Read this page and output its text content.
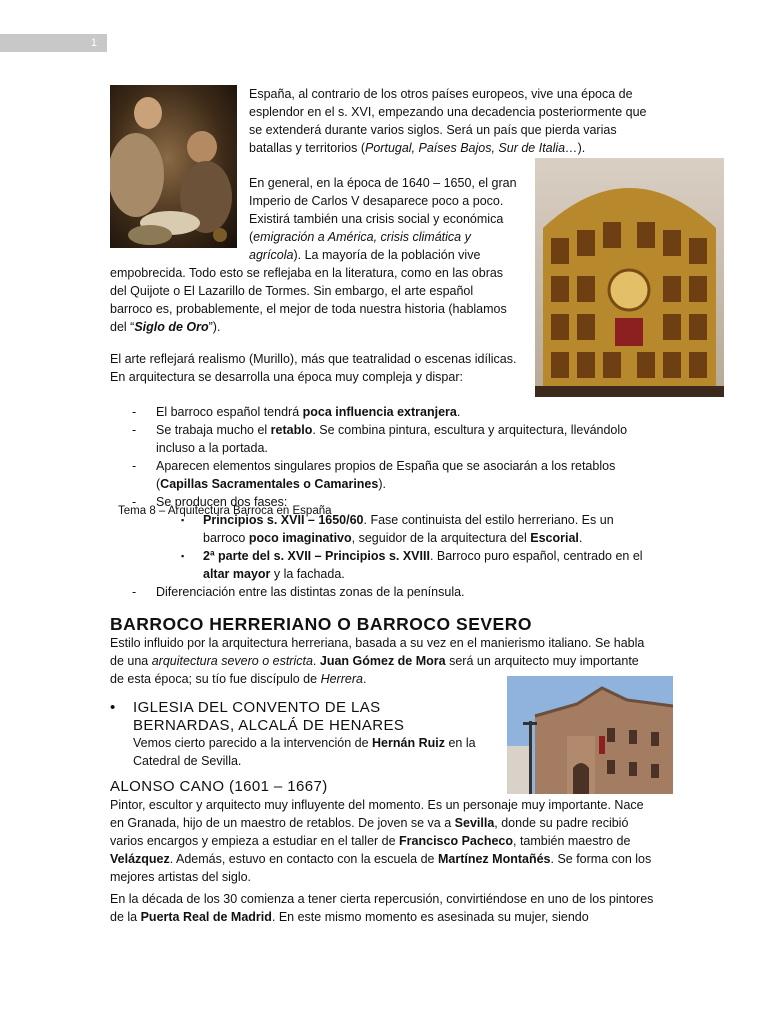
1

España, al contrario de los otros países europeos, vive una época de esplendor en el s. XVI, empezando una decadencia posteriormente que se extenderá durante varios siglos. Será un país que pierda varias batallas y territorios (Portugal, Países Bajos, Sur de Italia…).

En general, en la época de 1640 – 1650, el gran Imperio de Carlos V desaparece poco a poco. Existirá también una crisis social y económica (emigración a América, crisis climática y agrícola). La mayoría de la población vive empobrecida. Todo esto se reflejaba en la literatura, como en las obras del Quijote o El Lazarillo de Tormes. Sin embargo, el arte español barroco es, probablemente, el mejor de toda nuestra historia (hablamos del “Siglo de Oro”).

El arte reflejará realismo (Murillo), más que teatralidad o escenas idílicas. En arquitectura se desarrolla una época muy compleja y dispar:

- El barroco español tendrá poca influencia extranjera.
- Se trabaja mucho el retablo. Se combina pintura, escultura y arquitectura, llevándolo incluso a la portada.
- Aparecen elementos singulares propios de España que se asociarán a los retablos (Capillas Sacramentales o Camarines).
- Se producen dos fases:
▪ Principios s. XVII – 1650/60. Fase continuista del estilo herreriano. Es un barroco poco imaginativo, seguidor de la arquitectura del Escorial.
▪ 2ª parte del s. XVII – Principios s. XVIII. Barroco puro español, centrado en el altar mayor y la fachada.
- Diferenciación entre las distintas zonas de la península.
Tema 8 – Arquitectura Barroca en España
BARROCO HERRERIANO O BARROCO SEVERO

Estilo influido por la arquitectura herreriana, basada a su vez en el manierismo italiano. Se habla de una arquitectura severo o estricta. Juan Gómez de Mora será un arquitecto muy importante de esta época; su tío fue discípulo de Herrera.

• IGLESIA DEL CONVENTO DE LAS BERNARDAS, ALCALÁ DE HENARES

Vemos cierto parecido a la intervención de Hernán Ruiz en la Catedral de Sevilla.

ALONSO CANO (1601 – 1667)

Pintor, escultor y arquitecto muy influyente del momento. Es un personaje muy importante. Nace en Granada, hijo de un maestro de retablos. De joven se va a Sevilla, donde su padre recibió varios encargos y empieza a estudiar en el taller de Francisco Pacheco, también maestro de Velázquez. Además, estuvo en contacto con la escuela de Martínez Montañés. Se forma con los mejores artistas del siglo.

En la década de los 30 comienza a tener cierta repercusión, convirtiéndose en uno de los pintores de la Puerta Real de Madrid. En este mismo momento es asesinada su mujer, siendo
